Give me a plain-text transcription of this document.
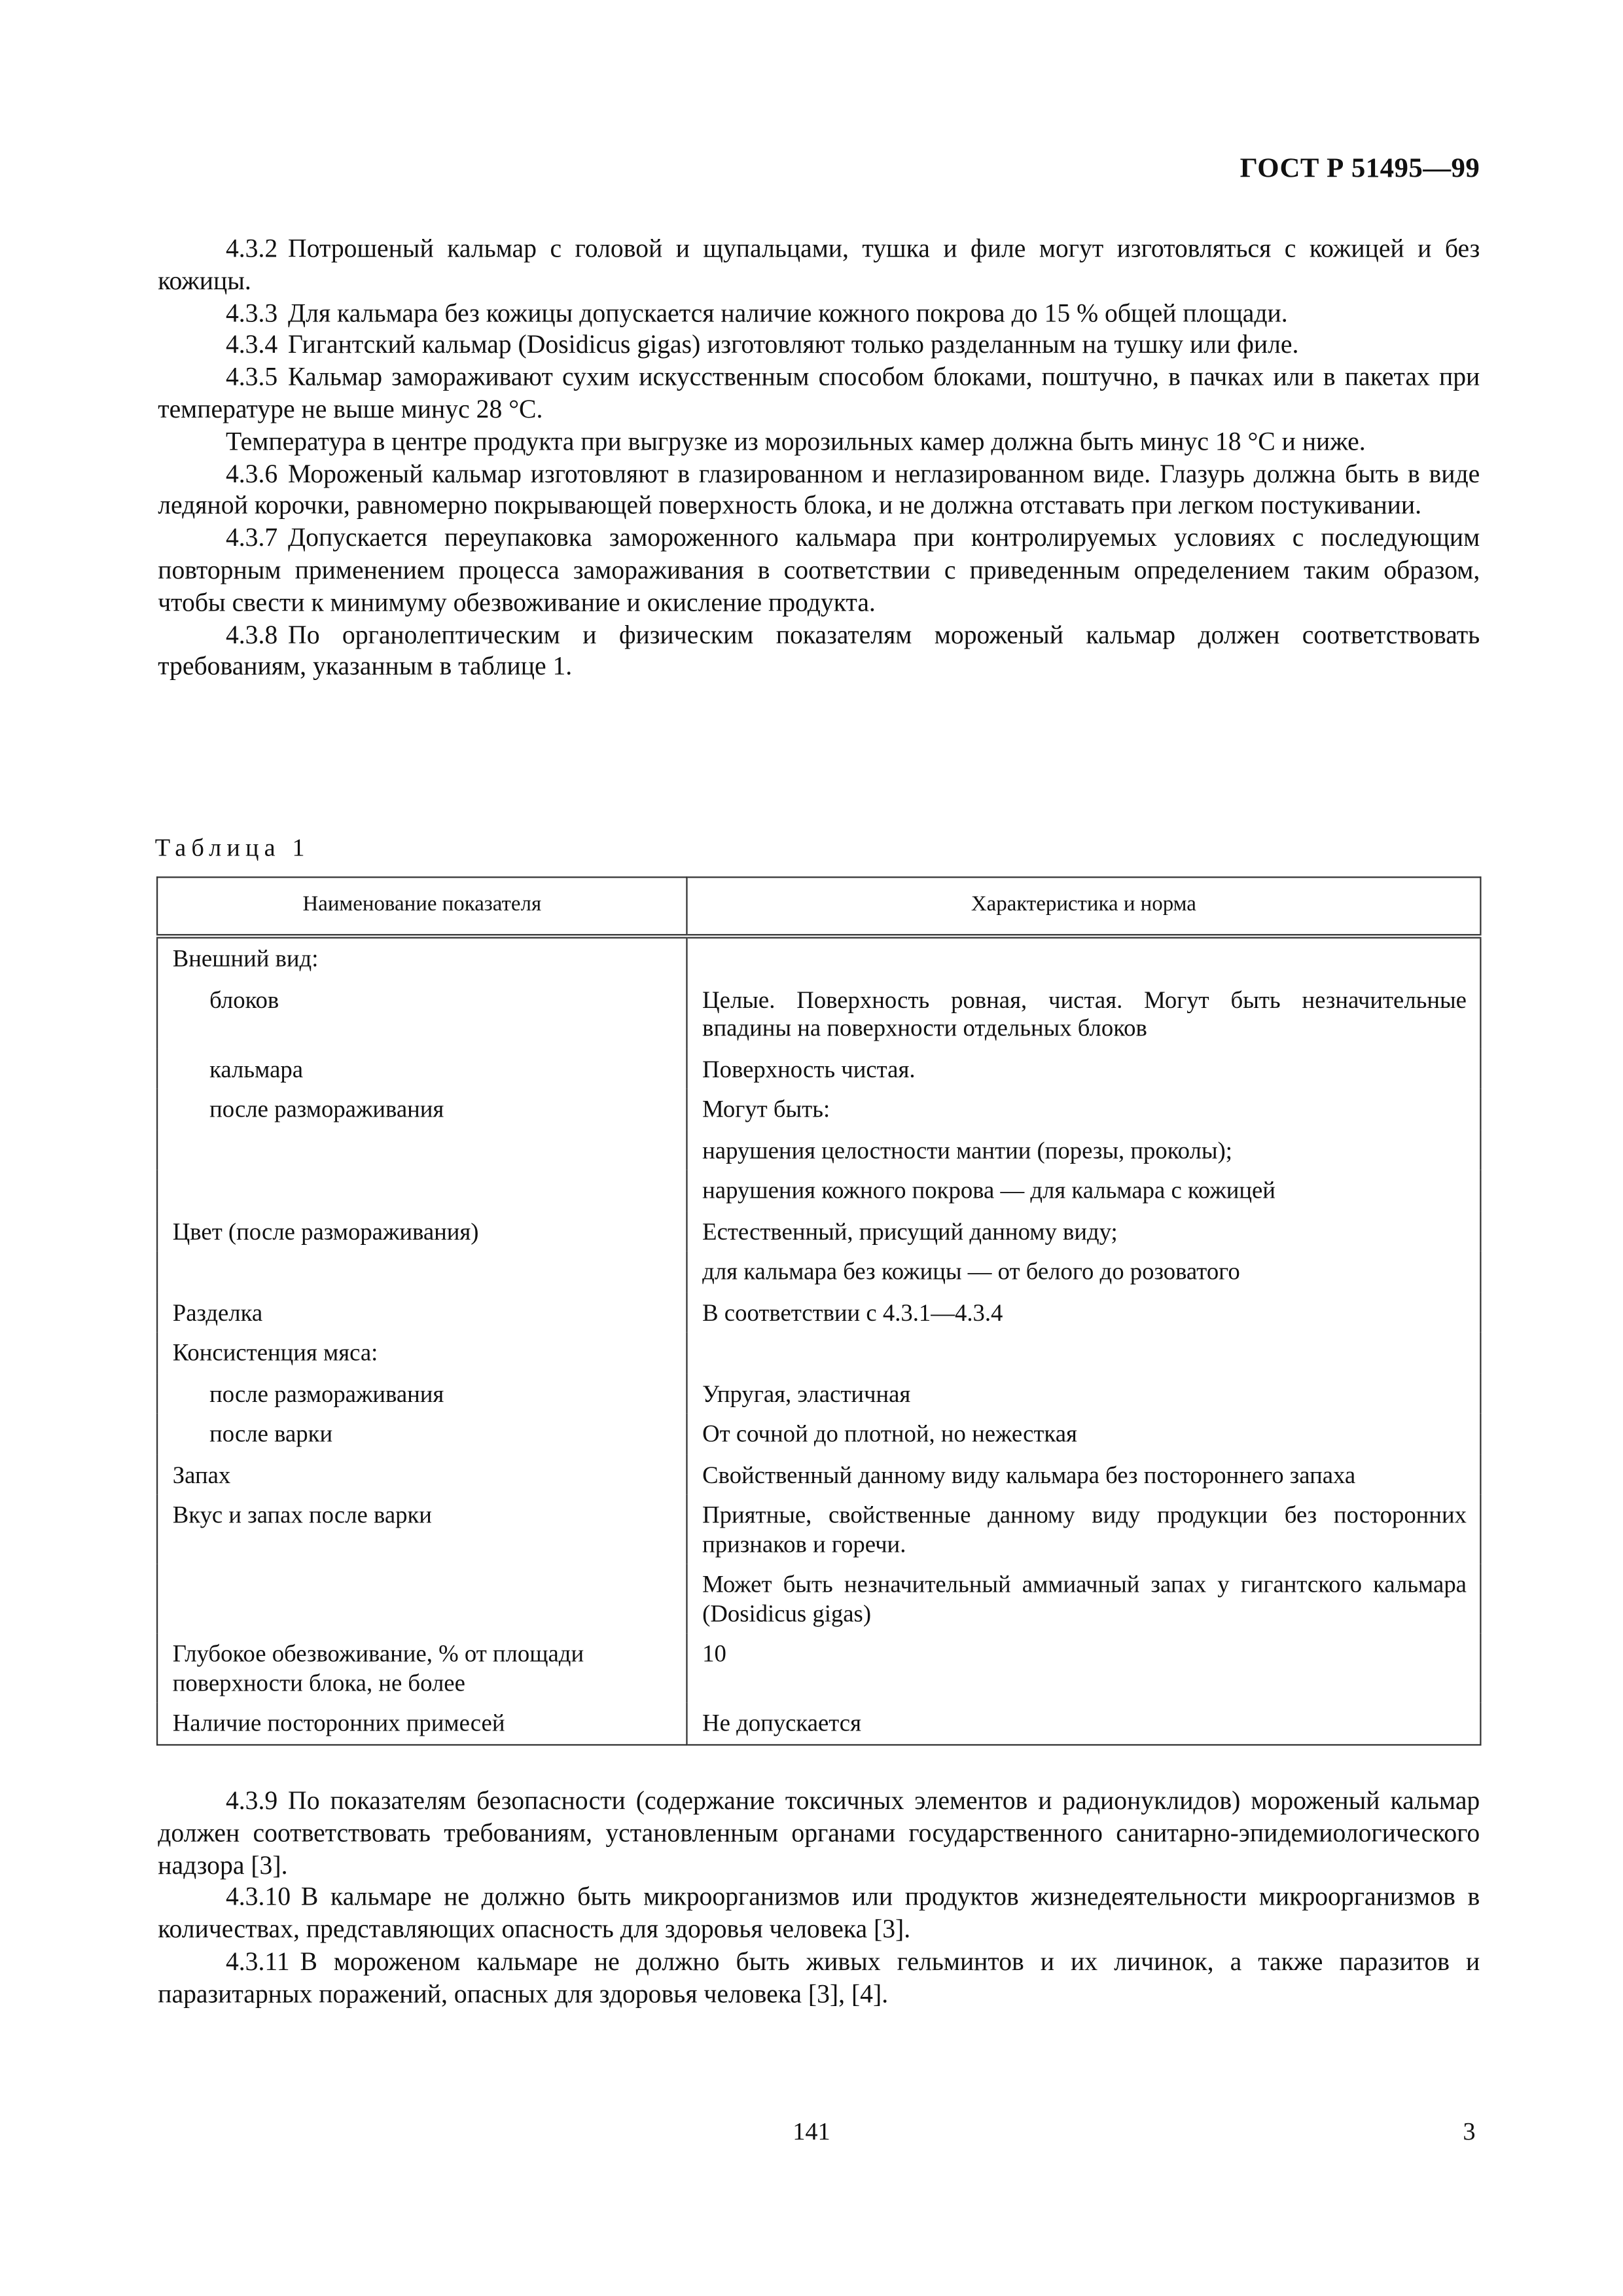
ГОСТ Р 51495—99

4.3.2 Потрошеный кальмар с головой и щупальцами, тушка и филе могут изготовляться с кожицей и без кожицы.

4.3.3 Для кальмара без кожицы допускается наличие кожного покрова до 15 % общей площади.

4.3.4 Гигантский кальмар (Dosidicus gigas) изготовляют только разделанным на тушку или филе.

4.3.5 Кальмар замораживают сухим искусственным способом блоками, поштучно, в пачках или в пакетах при температуре не выше минус 28 °С.

Температура в центре продукта при выгрузке из морозильных камер должна быть минус 18 °С и ниже.

4.3.6 Мороженый кальмар изготовляют в глазированном и неглазированном виде. Глазурь должна быть в виде ледяной корочки, равномерно покрывающей поверхность блока, и не должна отставать при легком постукивании.

4.3.7 Допускается переупаковка замороженного кальмара при контролируемых условиях с последующим повторным применением процесса замораживания в соответствии с приведенным определением таким образом, чтобы свести к минимуму обезвоживание и окисление продукта.

4.3.8 По органолептическим и физическим показателям мороженый кальмар должен соответствовать требованиям, указанным в таблице 1.

Таблица 1
Наименование показателя	Характеристика и норма
Внешний вид:	
блоков	Целые. Поверхность ровная, чистая. Могут быть незначительные впадины на поверхности отдельных блоков
кальмара	Поверхность чистая.
после размораживания	Могут быть:
	нарушения целостности мантии (порезы, проколы);
	нарушения кожного покрова — для кальмара с кожицей
Цвет (после размораживания)	Естественный, присущий данному виду;
	для кальмара без кожицы — от белого до розоватого
Разделка	В соответствии с 4.3.1—4.3.4
Консистенция мяса:	
после размораживания	Упругая, эластичная
после варки	От сочной до плотной, но нежесткая
Запах	Свойственный данному виду кальмара без постороннего запаха
Вкус и запах после варки	Приятные, свойственные данному виду продукции без посторонних признаков и горечи.
	Может быть незначительный аммиачный запах у гигантского кальмара (Dosidicus gigas)
Глубокое обезвоживание, % от площади поверхности блока, не более	10
Наличие посторонних примесей	Не допускается

4.3.9 По показателям безопасности (содержание токсичных элементов и радионуклидов) мороженый кальмар должен соответствовать требованиям, установленным органами государственного санитарно-эпидемиологического надзора [3].

4.3.10 В кальмаре не должно быть микроорганизмов или продуктов жизнедеятельности микроорганизмов в количествах, представляющих опасность для здоровья человека [3].

4.3.11 В мороженом кальмаре не должно быть живых гельминтов и их личинок, а также паразитов и паразитарных поражений, опасных для здоровья человека [3], [4].

141	3
